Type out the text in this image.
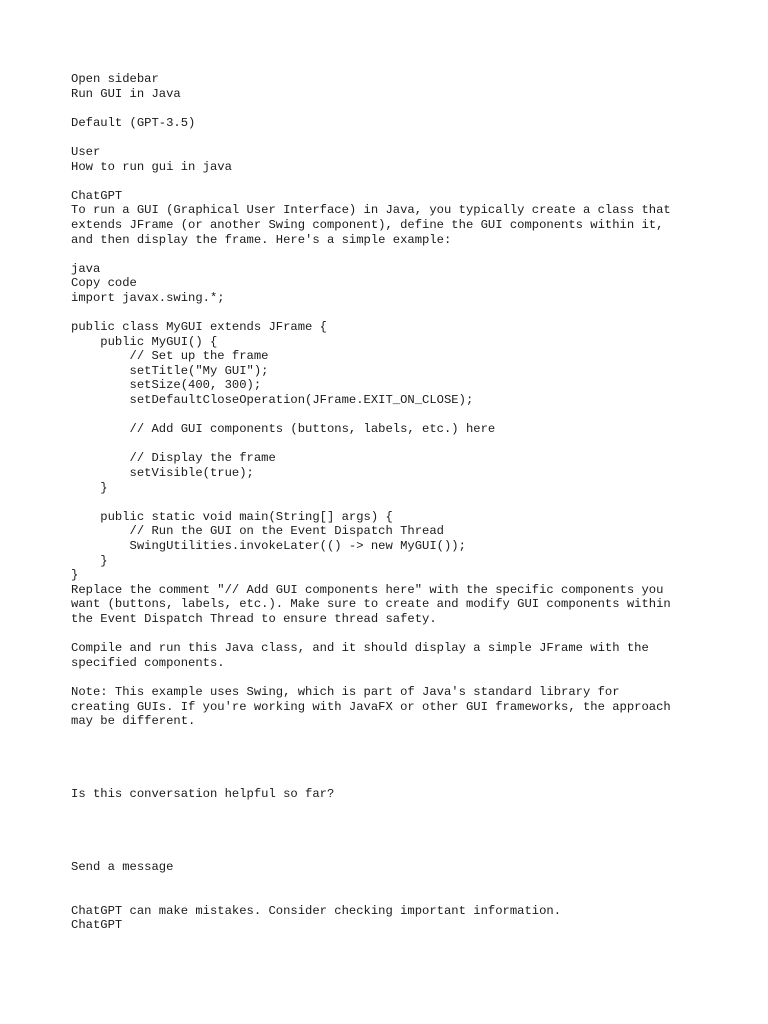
Open sidebar
Run GUI in Java
Default (GPT-3.5)
User
How to run gui in java
ChatGPT
To run a GUI (Graphical User Interface) in Java, you typically create a class that
extends JFrame (or another Swing component), define the GUI components within it,
and then display the frame. Here's a simple example:
java
Copy code
import javax.swing.*;

public class MyGUI extends JFrame {
public MyGUI() {
// Set up the frame
setTitle("My GUI");
setSize(400, 300);
setDefaultCloseOperation(JFrame.EXIT_ON_CLOSE);

// Add GUI components (buttons, labels, etc.) here

// Display the frame
setVisible(true);
}

public static void main(String[] args) {
// Run the GUI on the Event Dispatch Thread
SwingUtilities.invokeLater(() -> new MyGUI());
}
}
Replace the comment "// Add GUI components here" with the specific components you
want (buttons, labels, etc.). Make sure to create and modify GUI components within
the Event Dispatch Thread to ensure thread safety.
Compile and run this Java class, and it should display a simple JFrame with the
specified components.
Note: This example uses Swing, which is part of Java's standard library for
creating GUIs. If you're working with JavaFX or other GUI frameworks, the approach
may be different.
Is this conversation helpful so far?
Send a message
ChatGPT can make mistakes. Consider checking important information.
ChatGPT
